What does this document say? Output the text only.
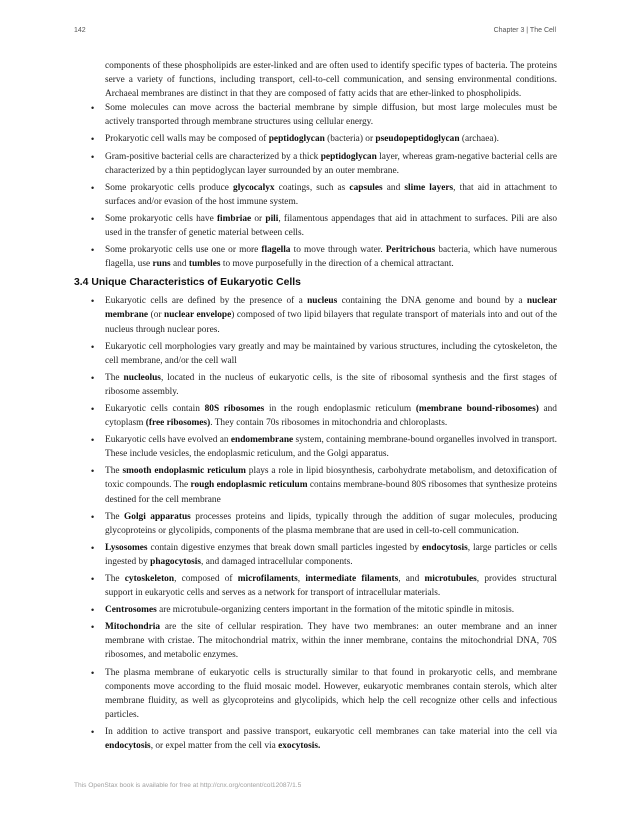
142	Chapter 3 | The Cell

components of these phospholipids are ester-linked and are often used to identify specific types of bacteria. The proteins serve a variety of functions, including transport, cell-to-cell communication, and sensing environmental conditions. Archaeal membranes are distinct in that they are composed of fatty acids that are ether-linked to phospholipids.

• Some molecules can move across the bacterial membrane by simple diffusion, but most large molecules must be actively transported through membrane structures using cellular energy.
• Prokaryotic cell walls may be composed of peptidoglycan (bacteria) or pseudopeptidoglycan (archaea).
• Gram-positive bacterial cells are characterized by a thick peptidoglycan layer, whereas gram-negative bacterial cells are characterized by a thin peptidoglycan layer surrounded by an outer membrane.
• Some prokaryotic cells produce glycocalyx coatings, such as capsules and slime layers, that aid in attachment to surfaces and/or evasion of the host immune system.
• Some prokaryotic cells have fimbriae or pili, filamentous appendages that aid in attachment to surfaces. Pili are also used in the transfer of genetic material between cells.
• Some prokaryotic cells use one or more flagella to move through water. Peritrichous bacteria, which have numerous flagella, use runs and tumbles to move purposefully in the direction of a chemical attractant.
3.4 Unique Characteristics of Eukaryotic Cells
• Eukaryotic cells are defined by the presence of a nucleus containing the DNA genome and bound by a nuclear membrane (or nuclear envelope) composed of two lipid bilayers that regulate transport of materials into and out of the nucleus through nuclear pores.
• Eukaryotic cell morphologies vary greatly and may be maintained by various structures, including the cytoskeleton, the cell membrane, and/or the cell wall
• The nucleolus, located in the nucleus of eukaryotic cells, is the site of ribosomal synthesis and the first stages of ribosome assembly.
• Eukaryotic cells contain 80S ribosomes in the rough endoplasmic reticulum (membrane bound-ribosomes) and cytoplasm (free ribosomes). They contain 70s ribosomes in mitochondria and chloroplasts.
• Eukaryotic cells have evolved an endomembrane system, containing membrane-bound organelles involved in transport. These include vesicles, the endoplasmic reticulum, and the Golgi apparatus.
• The smooth endoplasmic reticulum plays a role in lipid biosynthesis, carbohydrate metabolism, and detoxification of toxic compounds. The rough endoplasmic reticulum contains membrane-bound 80S ribosomes that synthesize proteins destined for the cell membrane
• The Golgi apparatus processes proteins and lipids, typically through the addition of sugar molecules, producing glycoproteins or glycolipids, components of the plasma membrane that are used in cell-to-cell communication.
• Lysosomes contain digestive enzymes that break down small particles ingested by endocytosis, large particles or cells ingested by phagocytosis, and damaged intracellular components.
• The cytoskeleton, composed of microfilaments, intermediate filaments, and microtubules, provides structural support in eukaryotic cells and serves as a network for transport of intracellular materials.
• Centrosomes are microtubule-organizing centers important in the formation of the mitotic spindle in mitosis.
• Mitochondria are the site of cellular respiration. They have two membranes: an outer membrane and an inner membrane with cristae. The mitochondrial matrix, within the inner membrane, contains the mitochondrial DNA, 70S ribosomes, and metabolic enzymes.
• The plasma membrane of eukaryotic cells is structurally similar to that found in prokaryotic cells, and membrane components move according to the fluid mosaic model. However, eukaryotic membranes contain sterols, which alter membrane fluidity, as well as glycoproteins and glycolipids, which help the cell recognize other cells and infectious particles.
• In addition to active transport and passive transport, eukaryotic cell membranes can take material into the cell via endocytosis, or expel matter from the cell via exocytosis.
This OpenStax book is available for free at http://cnx.org/content/col12087/1.5
